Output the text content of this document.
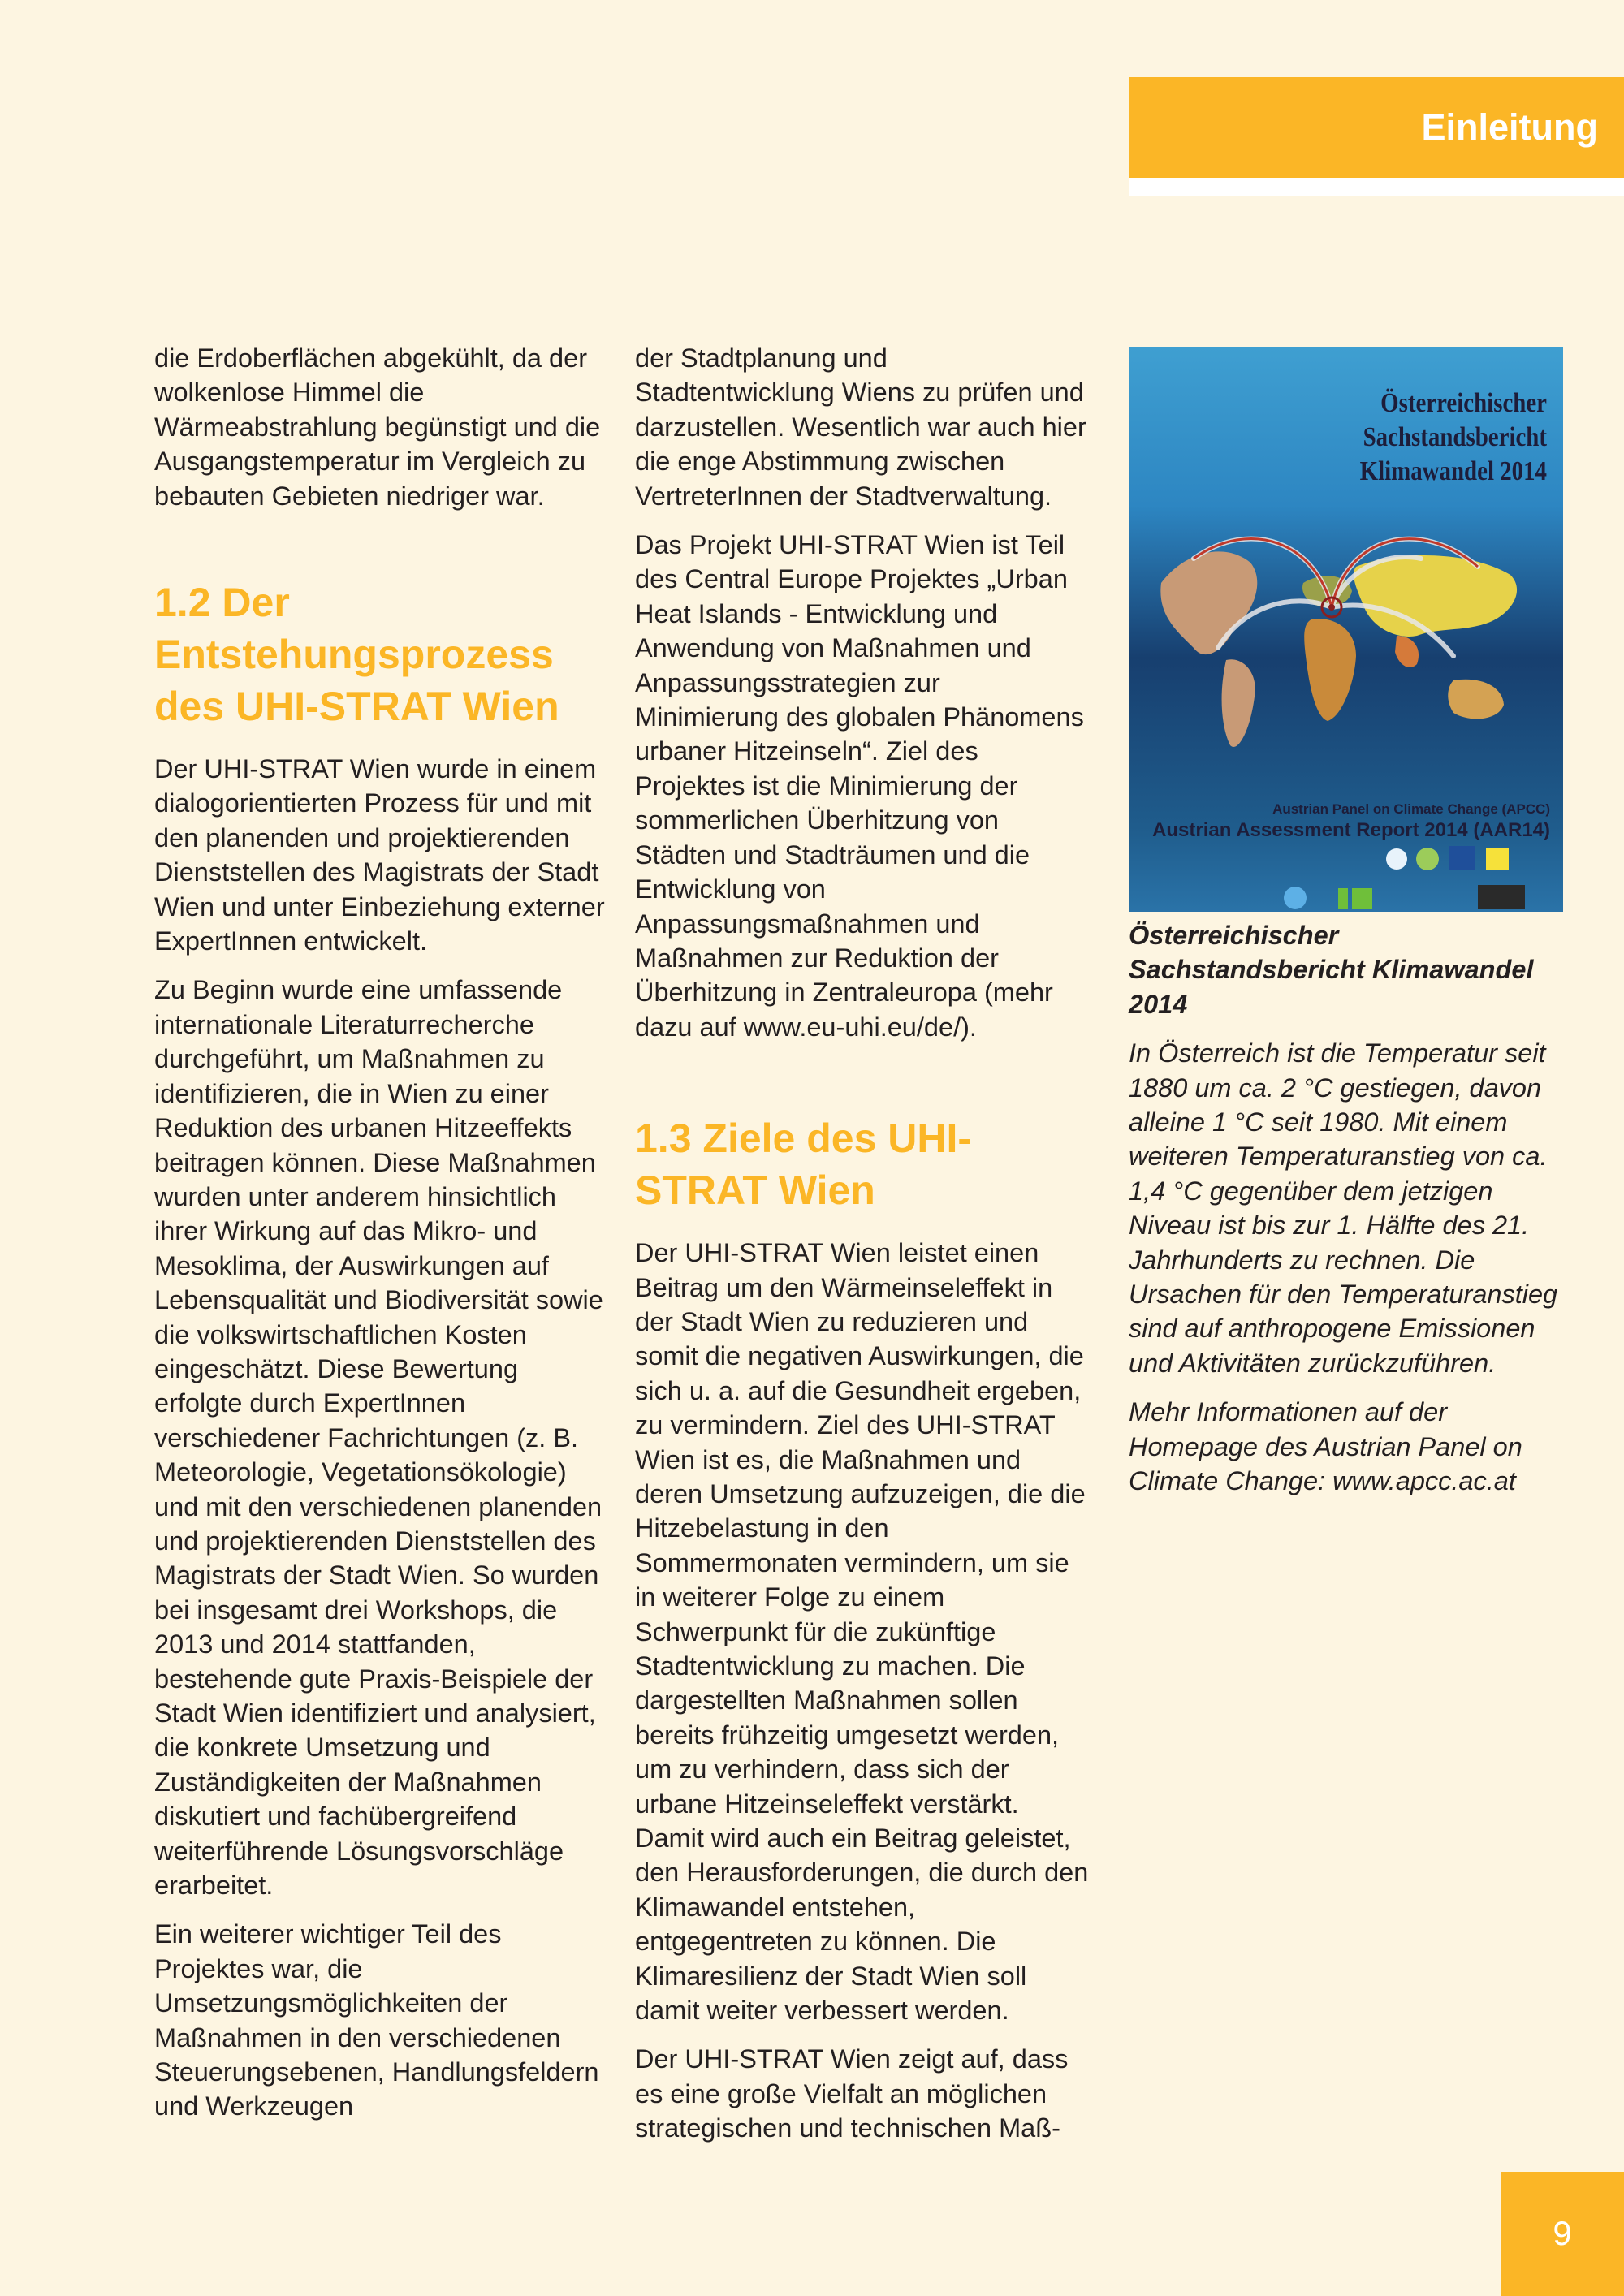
Einleitung

die Erdoberflächen abgekühlt, da der wolkenlose Himmel die Wärmeabstrahlung begünstigt und die Ausgangstemperatur im Vergleich zu bebauten Gebieten niedriger war.

1.2 Der Entstehungsprozess des UHI-STRAT Wien

Der UHI-STRAT Wien wurde in einem dialogorientierten Prozess für und mit den planenden und projektierenden Dienststellen des Magistrats der Stadt Wien und unter Einbeziehung externer ExpertInnen entwickelt.

Zu Beginn wurde eine umfassende internationale Literaturrecherche durchgeführt, um Maßnahmen zu identifizieren, die in Wien zu einer Reduktion des urbanen Hitzeeffekts beitragen können. Diese Maßnahmen wurden unter anderem hinsichtlich ihrer Wirkung auf das Mikro- und Mesoklima, der Auswirkungen auf Lebensqualität und Biodiversität sowie die volkswirtschaftlichen Kosten eingeschätzt. Diese Bewertung erfolgte durch ExpertInnen verschiedener Fachrichtungen (z. B. Meteorologie, Vegetationsökologie) und mit den verschiedenen planenden und projektierenden Dienststellen des Magistrats der Stadt Wien. So wurden bei insgesamt drei Workshops, die 2013 und 2014 stattfanden, bestehende gute Praxis-Beispiele der Stadt Wien identifiziert und analysiert, die konkrete Umsetzung und Zuständigkeiten der Maßnahmen diskutiert und fachübergreifend weiterführende Lösungsvorschläge erarbeitet.

Ein weiterer wichtiger Teil des Projektes war, die Umsetzungsmöglichkeiten der Maßnahmen in den verschiedenen Steuerungsebenen, Handlungsfeldern und Werkzeugen

der Stadtplanung und Stadtentwicklung Wiens zu prüfen und darzustellen. Wesentlich war auch hier die enge Abstimmung zwischen VertreterInnen der Stadtverwaltung.

Das Projekt UHI-STRAT Wien ist Teil des Central Europe Projektes „Urban Heat Islands - Entwicklung und Anwendung von Maßnahmen und Anpassungsstrategien zur Minimierung des globalen Phänomens urbaner Hitzeinseln“. Ziel des Projektes ist die Minimierung der sommerlichen Überhitzung von Städten und Stadträumen und die Entwicklung von Anpassungsmaßnahmen und Maßnahmen zur Reduktion der Überhitzung in Zentraleuropa (mehr dazu auf www.eu-uhi.eu/de/).

1.3 Ziele des UHI-STRAT Wien

Der UHI-STRAT Wien leistet einen Beitrag um den Wärmeinseleffekt in der Stadt Wien zu reduzieren und somit die negativen Auswirkungen, die sich u. a. auf die Gesundheit ergeben, zu vermindern. Ziel des UHI-STRAT Wien ist es, die Maßnahmen und deren Umsetzung aufzuzeigen, die die Hitzebelastung in den Sommermonaten vermindern, um sie in weiterer Folge zu einem Schwerpunkt für die zukünftige Stadtentwicklung zu machen. Die dargestellten Maßnahmen sollen bereits frühzeitig umgesetzt werden, um zu verhindern, dass sich der urbane Hitzeinseleffekt verstärkt. Damit wird auch ein Beitrag geleistet, den Herausforderungen, die durch den Klimawandel entstehen, entgegentreten zu können. Die Klimaresilienz der Stadt Wien soll damit weiter verbessert werden.

Der UHI-STRAT Wien zeigt auf, dass es eine große Vielfalt an möglichen strategischen und technischen Maß-

Österreichischer Sachstandsbericht
Klimawandel 2014
Austrian Panel on Climate Change (APCC)
Austrian Assessment Report 2014 (AAR14)

Österreichischer Sachstandsbericht Klimawandel 2014

In Österreich ist die Temperatur seit 1880 um ca. 2 °C gestiegen, davon alleine 1 °C seit 1980. Mit einem weiteren Temperaturanstieg von ca. 1,4 °C gegenüber dem jetzigen Niveau ist bis zur 1. Hälfte des 21. Jahrhunderts zu rechnen. Die Ursachen für den Temperaturanstieg sind auf anthropogene Emissionen und Aktivitäten zurückzuführen.

Mehr Informationen auf der Homepage des Austrian Panel on Climate Change: www.apcc.ac.at

9
